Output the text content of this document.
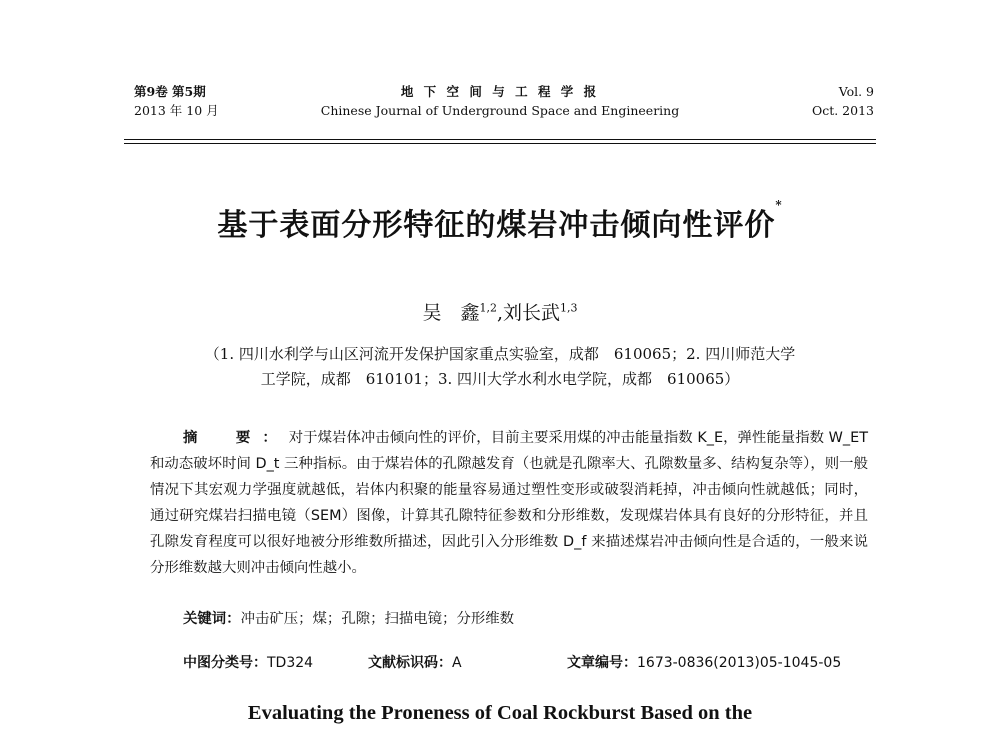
第9卷 第5期
2013 年 10 月
地 下 空 间 与 工 程 学 报
Chinese Journal of Underground Space and Engineering
Vol. 9
Oct. 2013
基于表面分形特征的煤岩冲击倾向性评价*
吴　鑫$^{1,2}$,刘长武$^{1,3}$
（1. 四川水利学与山区河流开发保护国家重点实验室，成都　610065；2. 四川师范大学
工学院，成都　610101；3. 四川大学水利水电学院，成都　610065）
摘　要：对于煤岩体冲击倾向性的评价，目前主要采用煤的冲击能量指数 K_E，弹性能量指数 W_ET和动态破坏时间 D_t 三种指标。由于煤岩体的孔隙越发育（也就是孔隙率大、孔隙数量多、结构复杂等），则一般情况下其宏观力学强度就越低，岩体内积聚的能量容易通过塑性变形或破裂消耗掉，冲击倾向性就越低；同时，通过研究煤岩扫描电镜（SEM）图像，计算其孔隙特征参数和分形维数，发现煤岩体具有良好的分形特征，并且孔隙发育程度可以很好地被分形维数所描述，因此引入分形维数 D_f 来描述煤岩冲击倾向性是合适的，一般来说分形维数越大则冲击倾向性越小。
关键词：冲击矿压；煤；孔隙；扫描电镜；分形维数
中图分类号：TD324	文献标识码：A	文章编号：1673-0836(2013)05-1045-05
Evaluating the Proneness of Coal Rockburst Based on the
